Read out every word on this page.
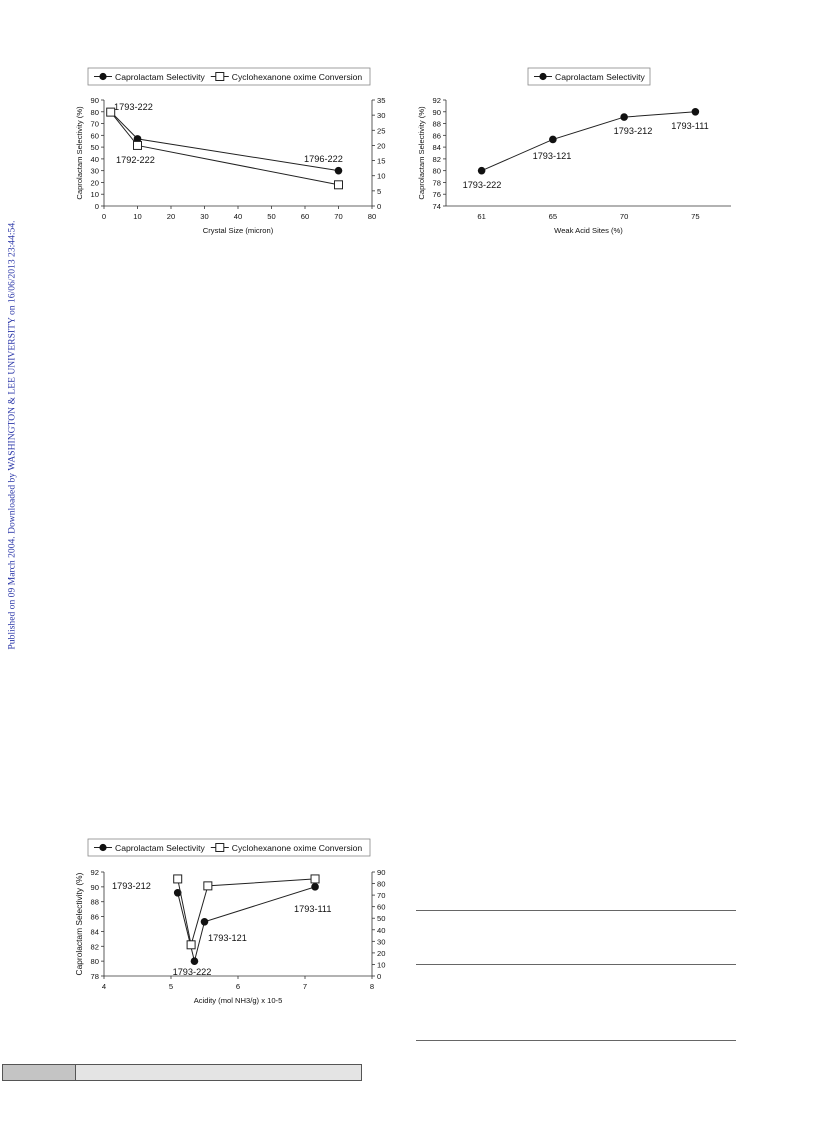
Published on 09 March 2004. Downloaded by WASHINGTON & LEE UNIVERSITY on 16/06/2013 23:44:54.
Caprolactam Selectivity	Cyclohexanone oxime Conversion
0
10
20
30
40
50
60
70
80
90
0
5
10
15
20
25
30
35
0	10	20	30	40	50	60	70	80
Crystal Size (micron)
Caprolactam Selectivity (%)	1793-222
1792-222	1796-222
Caprolactam Selectivity
74
76
78
80
82
84
86
88
90
92
61	65	70	75
Weak Acid Sites (%)
Caprolactam Selectivity (%)	1793-222
1793-121
1793-212 1793-111
Caprolactam Selectivity	Cyclohexanone oxime Conversion
78
80
82
84
86
88
90
92
0
10
20
30
40
50
60
70
80
90
4	5	6	7	8
Acidity (mol NH3/g) x 10-5
Caprolactam Selectivity (%)	1793-212
1793-222
1793-121
1793-111
